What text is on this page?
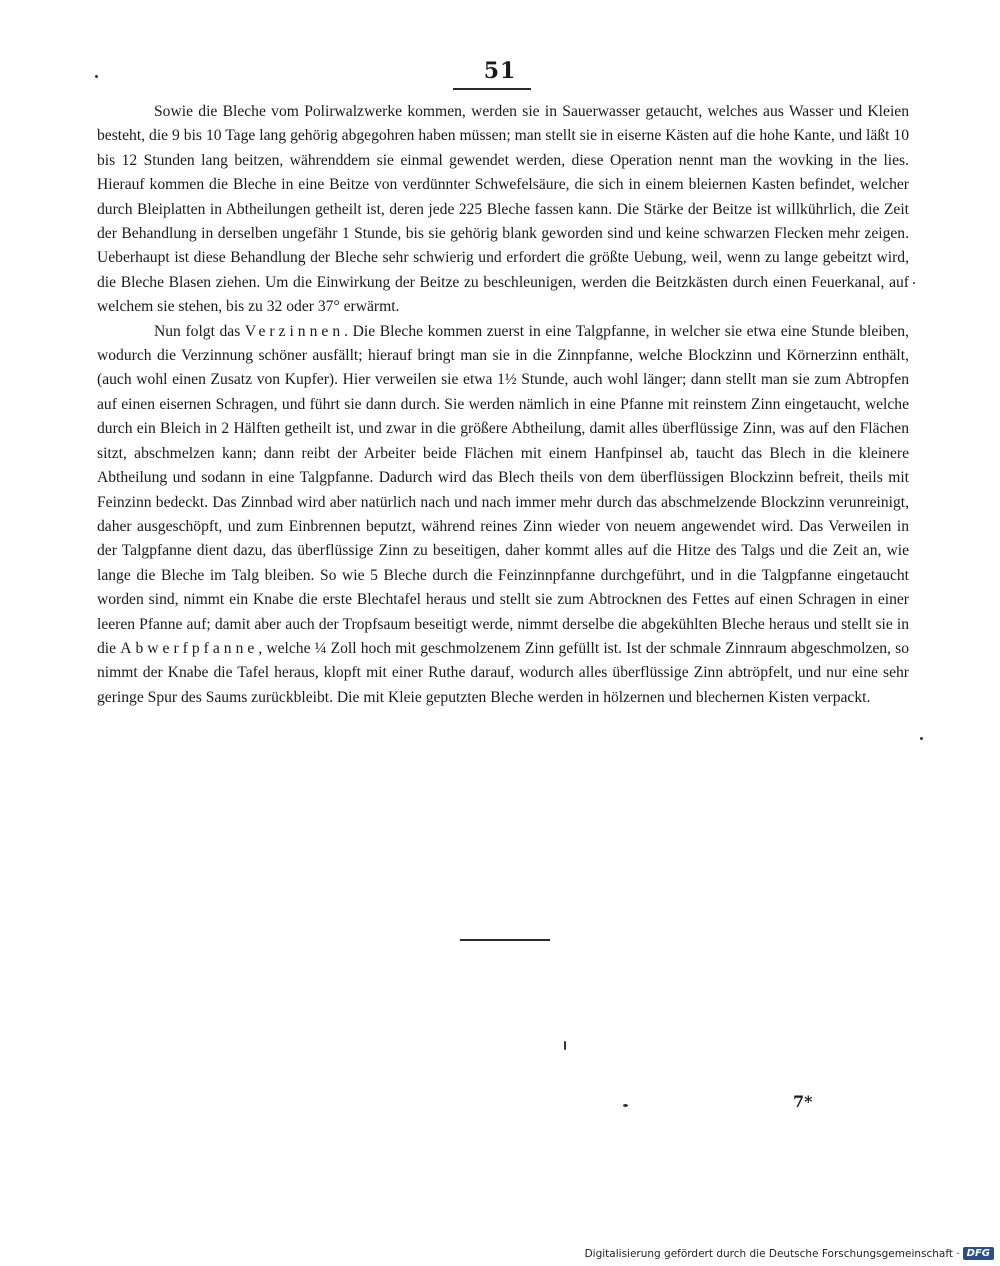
51

Sowie die Bleche vom Polirwalzwerke kommen, werden sie in Sauerwasser getaucht, welches aus Wasser und Kleien besteht, die 9 bis 10 Tage lang gehörig abgegohren haben müssen; man stellt sie in eiserne Kästen auf die hohe Kante, und läßt 10 bis 12 Stunden lang beitzen, währenddem sie einmal gewendet werden, diese Operation nennt man the wovking in the lies. Hierauf kommen die Bleche in eine Beitze von verdünnter Schwefelsäure, die sich in einem bleiernen Kasten befindet, welcher durch Bleiplatten in Abtheilungen getheilt ist, deren jede 225 Bleche fassen kann. Die Stärke der Beitze ist willkührlich, die Zeit der Behandlung in derselben ungefähr 1 Stunde, bis sie gehörig blank geworden sind und keine schwarzen Flecken mehr zeigen. Ueberhaupt ist diese Behandlung der Bleche sehr schwierig und erfordert die größte Uebung, weil, wenn zu lange gebeitzt wird, die Bleche Blasen ziehen. Um die Einwirkung der Beitze zu beschleunigen, werden die Beitzkästen durch einen Feuerkanal, auf welchem sie stehen, bis zu 32 oder 37° erwärmt.

Nun folgt das Verzinnen. Die Bleche kommen zuerst in eine Talgpfanne, in welcher sie etwa eine Stunde bleiben, wodurch die Verzinnung schöner ausfällt; hierauf bringt man sie in die Zinnpfanne, welche Blockzinn und Körnerzinn enthält, (auch wohl einen Zusatz von Kupfer). Hier verweilen sie etwa 1½ Stunde, auch wohl länger; dann stellt man sie zum Abtropfen auf einen eisernen Schragen, und führt sie dann durch. Sie werden nämlich in eine Pfanne mit reinstem Zinn eingetaucht, welche durch ein Bleich in 2 Hälften getheilt ist, und zwar in die größere Abtheilung, damit alles überflüssige Zinn, was auf den Flächen sitzt, abschmelzen kann; dann reibt der Arbeiter beide Flächen mit einem Hanfpinsel ab, taucht das Blech in die kleinere Abtheilung und sodann in eine Talgpfanne. Dadurch wird das Blech theils von dem überflüssigen Blockzinn befreit, theils mit Feinzinn bedeckt. Das Zinnbad wird aber natürlich nach und nach immer mehr durch das abschmelzende Blockzinn verunreinigt, daher ausgeschöpft, und zum Einbrennen beputzt, während reines Zinn wieder von neuem angewendet wird. Das Verweilen in der Talgpfanne dient dazu, das überflüssige Zinn zu beseitigen, daher kommt alles auf die Hitze des Talgs und die Zeit an, wie lange die Bleche im Talg bleiben. So wie 5 Bleche durch die Feinzinnpfanne durchgeführt, und in die Talgpfanne eingetaucht worden sind, nimmt ein Knabe die erste Blechtafel heraus und stellt sie zum Abtrocknen des Fettes auf einen Schragen in einer leeren Pfanne auf; damit aber auch der Tropfsaum beseitigt werde, nimmt derselbe die abgekühlten Bleche heraus und stellt sie in die Abwerfpfanne, welche ¼ Zoll hoch mit geschmolzenem Zinn gefüllt ist. Ist der schmale Zinnraum abgeschmolzen, so nimmt der Knabe die Tafel heraus, klopft mit einer Ruthe darauf, wodurch alles überflüssige Zinn abtröpfelt, und nur eine sehr geringe Spur des Saums zurückbleibt. Die mit Kleie geputzten Bleche werden in hölzernen und blechernen Kisten verpackt.

7*
Digitalisierung gefördert durch die Deutsche Forschungsgemeinschaft · DFG
